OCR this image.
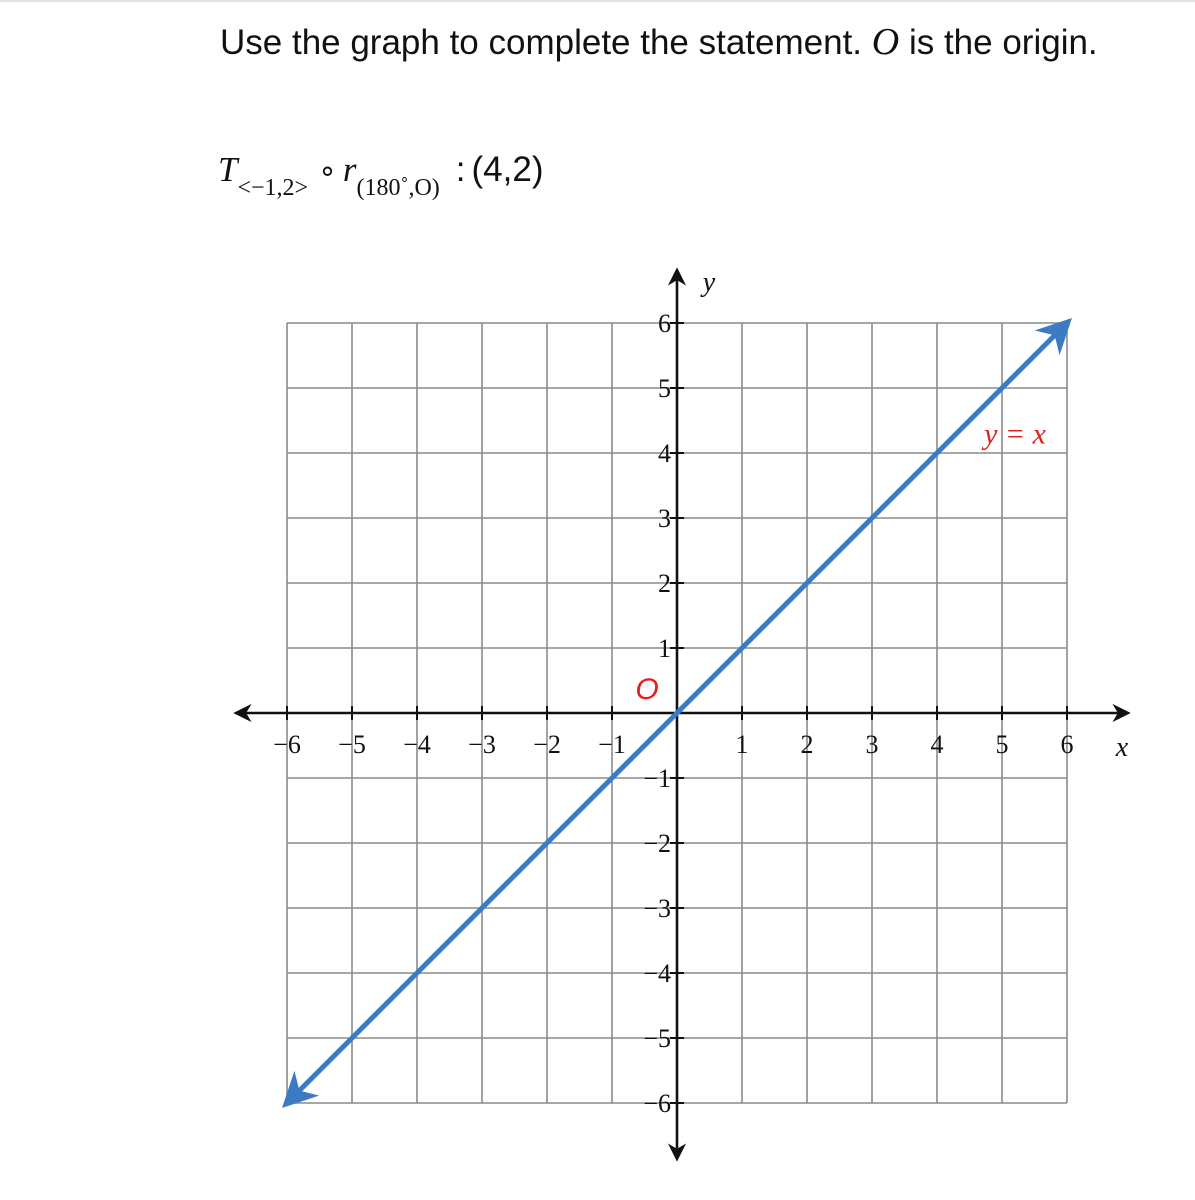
Use the graph to complete the statement. O is the origin.
$T_{<-1,2>}$ ∘ $r_{(180˚,O)}$ : (4,2)
−6 −5 −4 −3 −2 −1	1 2 3 4 5 6
6
5
4
3
2
1
−1
−2
−3
−4
−5
−6
x
y
O
y = x
